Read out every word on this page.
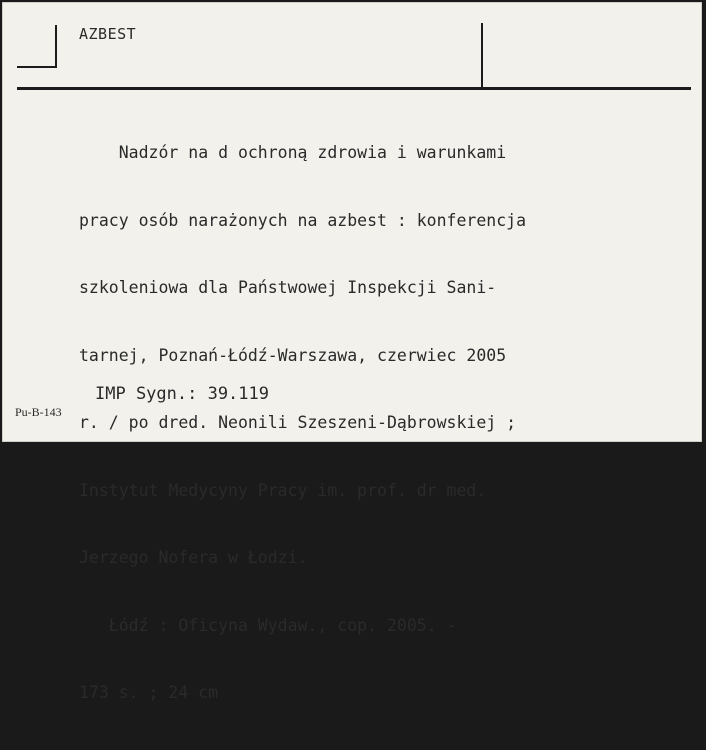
AZBEST

Nadzór na d ochroną zdrowia i warunkami

pracy osób narażonych na azbest : konferencja

szkoleniowa dla Państwowej Inspekcji Sani-

tarnej, Poznań-Łódź-Warszawa, czerwiec 2005

r. / po dred. Neonili Szeszeni-Dąbrowskiej ;

Instytut Medycyny Pracy im. prof. dr med.

Jerzego Nofera w Łodzi.

Łódź : Oficyna Wydaw., cop. 2005. -

173 s. ; 24 cm

IMP Sygn.: 39.119
Pu-B-143
